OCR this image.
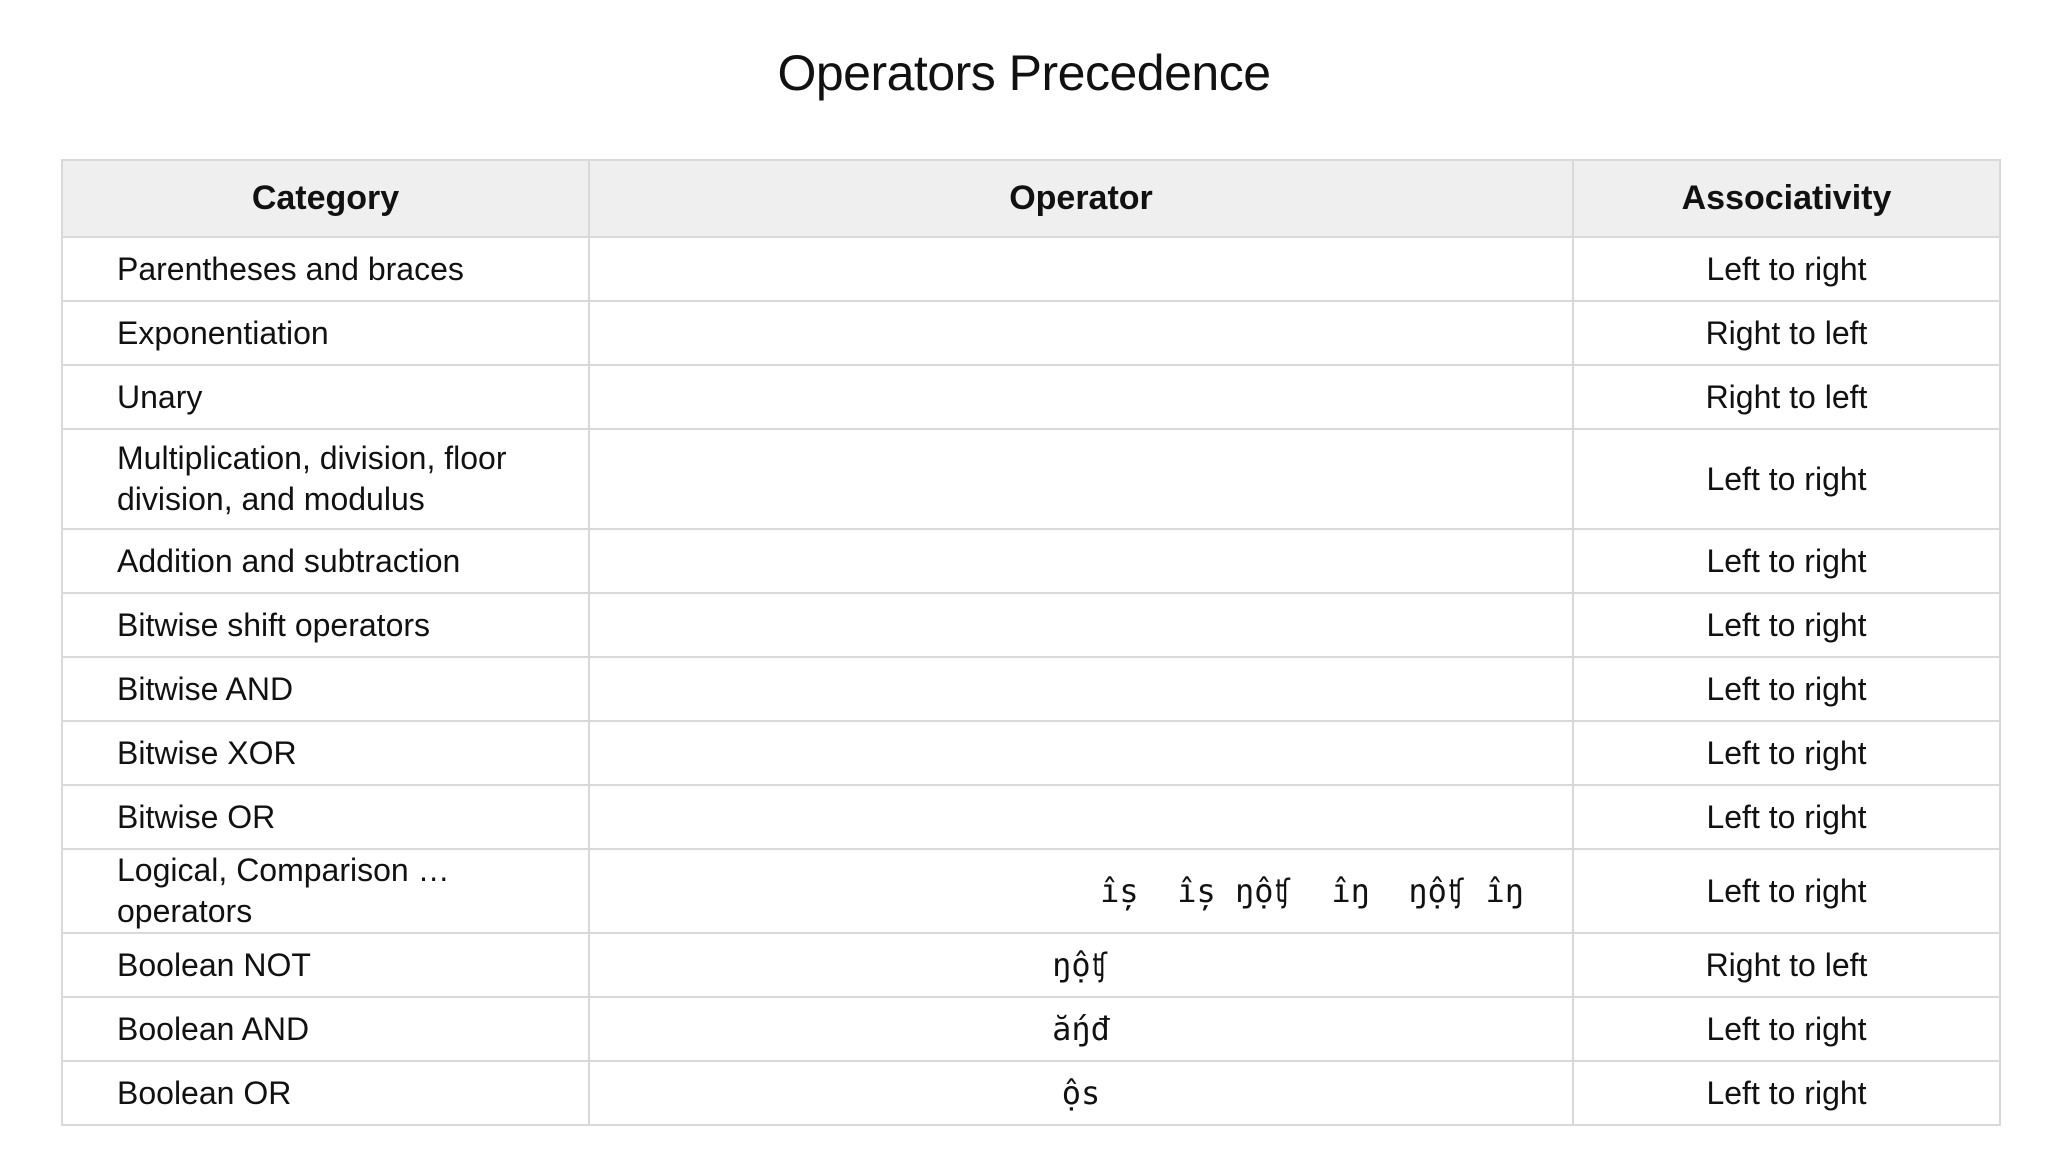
Operators Precedence
Category	Operator	Associativity
Parentheses and braces		Left to right
Exponentiation		Right to left
Unary		Right to left
Multiplication, division, floor division, and modulus		Left to right
Addition and subtraction		Left to right
Bitwise shift operators		Left to right
Bitwise AND		Left to right
Bitwise XOR		Left to right
Bitwise OR		Left to right
Logical, Comparison … operators	îș  îș ŋộʧ  îŋ  ŋộʧ îŋ	Left to right
Boolean NOT	ŋộʧ	Right to left
Boolean AND	ắŋđ	Left to right
Boolean OR	ộs	Left to right
